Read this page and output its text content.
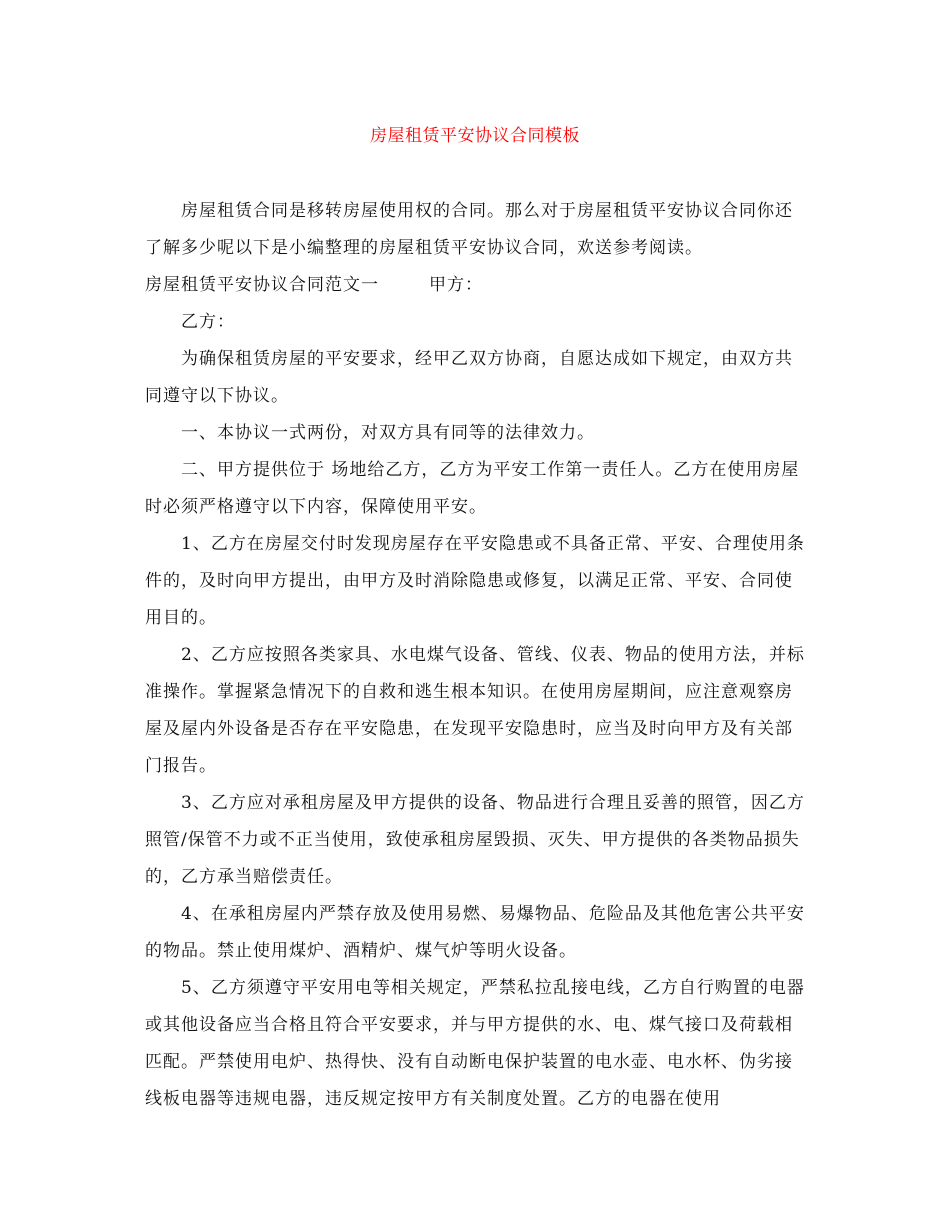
房屋租赁平安协议合同模板

房屋租赁合同是移转房屋使用权的合同。那么对于房屋租赁平安协议合同你还了解多少呢以下是小编整理的房屋租赁平安协议合同，欢送参考阅读。

房屋租赁平安协议合同范文一	甲方：

乙方：

为确保租赁房屋的平安要求，经甲乙双方协商，自愿达成如下规定，由双方共同遵守以下协议。

一、本协议一式两份，对双方具有同等的法律效力。

二、甲方提供位于 场地给乙方，乙方为平安工作第一责任人。乙方在使用房屋时必须严格遵守以下内容，保障使用平安。

1、乙方在房屋交付时发现房屋存在平安隐患或不具备正常、平安、合理使用条件的，及时向甲方提出，由甲方及时消除隐患或修复，以满足正常、平安、合同使用目的。

2、乙方应按照各类家具、水电煤气设备、管线、仪表、物品的使用方法，并标准操作。掌握紧急情况下的自救和逃生根本知识。在使用房屋期间，应注意观察房屋及屋内外设备是否存在平安隐患，在发现平安隐患时，应当及时向甲方及有关部门报告。

3、乙方应对承租房屋及甲方提供的设备、物品进行合理且妥善的照管，因乙方照管/保管不力或不正当使用，致使承租房屋毁损、灭失、甲方提供的各类物品损失的，乙方承当赔偿责任。

4、在承租房屋内严禁存放及使用易燃、易爆物品、危险品及其他危害公共平安的物品。禁止使用煤炉、酒精炉、煤气炉等明火设备。

5、乙方须遵守平安用电等相关规定，严禁私拉乱接电线，乙方自行购置的电器或其他设备应当合格且符合平安要求，并与甲方提供的水、电、煤气接口及荷载相匹配。严禁使用电炉、热得快、没有自动断电保护装置的电水壶、电水杯、伪劣接线板电器等违规电器，违反规定按甲方有关制度处置。乙方的电器在使用
